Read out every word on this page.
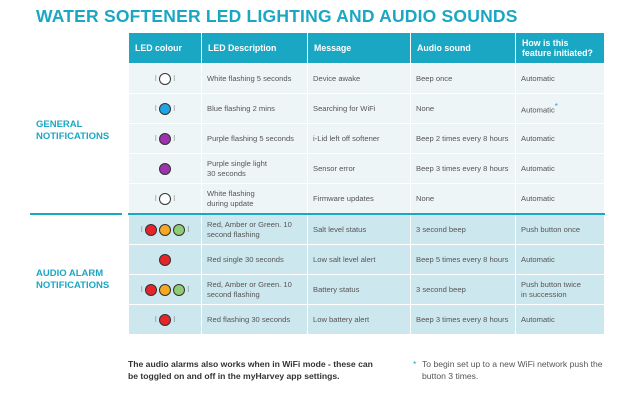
WATER SOFTENER LED LIGHTING AND AUDIO SOUNDS
GENERAL
NOTIFICATIONS
AUDIO ALARM
NOTIFICATIONS
LED colour	LED Description	Message	Audio sound	How is this feature initiated?

⁝ ⁝	White flashing 5 seconds	Device awake	Beep once	Automatic

⁝ ⁝	Blue flashing 2 mins	Searching for WiFi	None	Automatic*

⁝ ⁝	Purple flashing 5 seconds	i-Lid left off softener	Beep 2 times every 8 hours	Automatic

	Purple single light
30 seconds	Sensor error	Beep 3 times every 8 hours	Automatic

⁝ ⁝	White flashing
during update	Firmware updates	None	Automatic

⁝ ⁝	Red, Amber or Green. 10
second flashing	Salt level status	3 second beep	Push button once

	Red single 30 seconds	Low salt level alert	Beep 5 times every 8 hours	Automatic

⁝ ⁝	Red, Amber or Green. 10
second flashing	Battery status	3 second beep	Push button twice
in succession

⁝ ⁝	Red flashing 30 seconds	Low battery alert	Beep 3 times every 8 hours	Automatic
The audio alarms also works when in WiFi mode - these can be toggled on and off in the myHarvey app settings.
* To begin set up to a new WiFi network push the button 3 times.
